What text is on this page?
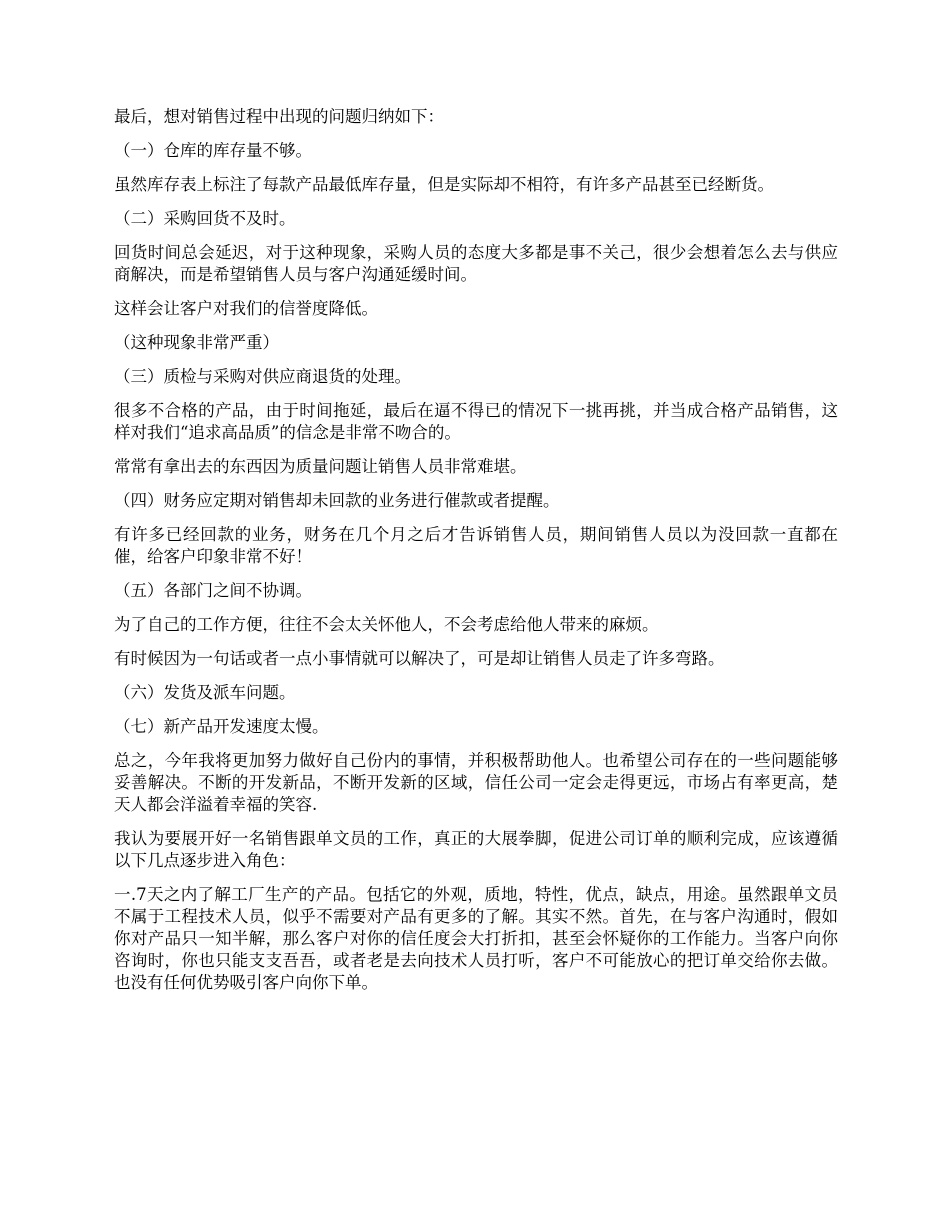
最后，想对销售过程中出现的问题归纳如下：

（一）仓库的库存量不够。

虽然库存表上标注了每款产品最低库存量，但是实际却不相符，有许多产品甚至已经断货。

（二）采购回货不及时。

回货时间总会延迟，对于这种现象，采购人员的态度大多都是事不关己，很少会想着怎么去与供应商解决，而是希望销售人员与客户沟通延缓时间。

这样会让客户对我们的信誉度降低。

（这种现象非常严重）

（三）质检与采购对供应商退货的处理。

很多不合格的产品，由于时间拖延，最后在逼不得已的情况下一挑再挑，并当成合格产品销售，这样对我们“追求高品质”的信念是非常不吻合的。

常常有拿出去的东西因为质量问题让销售人员非常难堪。

（四）财务应定期对销售却未回款的业务进行催款或者提醒。

有许多已经回款的业务，财务在几个月之后才告诉销售人员，期间销售人员以为没回款一直都在催，给客户印象非常不好！

（五）各部门之间不协调。

为了自己的工作方便，往往不会太关怀他人，不会考虑给他人带来的麻烦。

有时候因为一句话或者一点小事情就可以解决了，可是却让销售人员走了许多弯路。

（六）发货及派车问题。

（七）新产品开发速度太慢。

总之，今年我将更加努力做好自己份内的事情，并积极帮助他人。也希望公司存在的一些问题能够妥善解决。不断的开发新品，不断开发新的区域，信任公司一定会走得更远，市场占有率更高，楚天人都会洋溢着幸福的笑容.

我认为要展开好一名销售跟单文员的工作，真正的大展拳脚，促进公司订单的顺利完成，应该遵循以下几点逐步进入角色：

一.7天之内了解工厂生产的产品。包括它的外观，质地，特性，优点，缺点，用途。虽然跟单文员不属于工程技术人员，似乎不需要对产品有更多的了解。其实不然。首先，在与客户沟通时，假如你对产品只一知半解，那么客户对你的信任度会大打折扣，甚至会怀疑你的工作能力。当客户向你咨询时，你也只能支支吾吾，或者老是去向技术人员打听，客户不可能放心的把订单交给你去做。也没有任何优势吸引客户向你下单。
